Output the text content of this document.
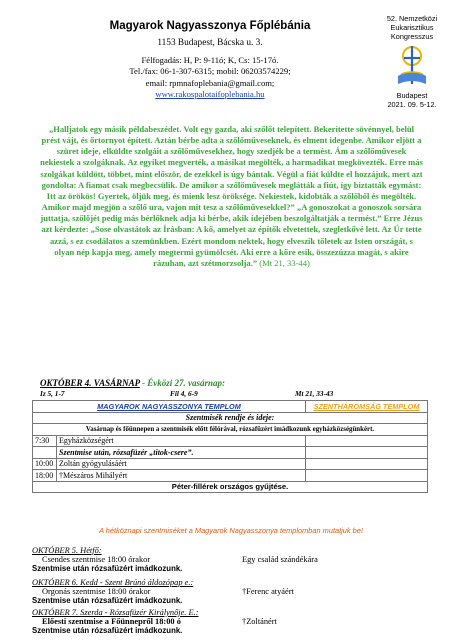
Magyarok Nagyasszonya Főplébánia

1153 Budapest, Bácska u. 3.

Félfogadás: H, P: 9-11ó; K, Cs: 15-17ó.

Tel./fax: 06-1-307-6315; mobil: 06203574229;

email: rpmnafoplebania@gmail.com;

www.rakospalotaifoplebania.hu

52. Nemzetközi
Eukarisztikus
Kongresszus
Budapest
2021. 09. 5-12.
„Halljatok egy másik példabeszédet. Volt egy gazda, aki szőlőt telepített. Bekerítette sövénnyel, belül prést vájt, és őrtornyot épített. Aztán bérbe adta a szőlőműveseknek, és elment idegenbe. Amikor eljött a szüret ideje, elküldte szolgáit a szőlőművesekhez, hogy szedjék be a termést. Ám a szőlőművesek nekiestek a szolgáknak. Az egyiket megverték, a másikat megölték, a harmadikat megkövezték. Erre más szolgákat küldött, többet, mint először, de ezekkel is úgy bántak. Végül a fiát küldte el hozzájuk, mert azt gondolta: A fiamat csak megbecsülik. De amikor a szőlőművesek meglátták a fiút, így biztatták egymást: Itt az örökös! Gyertek, öljük meg, és mienk lesz öröksége. Nekiestek, kidobták a szőlőből és megölték. Amikor majd megjön a szőlő ura, vajon mit tesz a szőlőművesekkel?” „A gonoszokat a gonoszok sorsára juttatja, szőlőjét pedig más bérlőknek adja ki bérbe, akik idejében beszolgáltatják a termést.” Erre Jézus azt kérdezte: „Sose olvastátok az Írásban: A kő, amelyet az építők elvetettek, szegletkővé lett. Az Úr tette azzá, s ez csodálatos a szemünkben. Ezért mondom nektek, hogy elveszik tőletek az Isten országát, s olyan nép kapja meg, amely megtermi gyümölcsét. Aki erre a kőre esik, összezúzza magát, s akire rázuhan, azt szétmorzsolja.” (Mt 21, 33-44)
OKTÓBER 4. VASÁRNAP - Évközi 27. vasárnap:
Iz 5, 1-7	Fil 4, 6-9	Mt 21, 33-43
MAGYAROK NAGYASSZONYA TEMPLOM		SZENTHÁROMSÁG TEMPLOM
Szentmisék rendje és ideje:		
Vasárnap és főünnepen a szentmisék előtt félórával, rózsafüzért imádkozunk egyházközségünkért.		
7:30	Egyházközségért	
	Szentmise után, rózsafüzér „titok-csere”.	
10:00	Zoltán gyógyulásáért	
18:00	†Mészáros Mihályért	
Péter-fillérek országos gyűjtése.		
A hétköznapi szentmiséket a Magyarok Nagyasszonya templomban mutatjuk be!
OKTÓBER 5. Hétfő:
Csendes szentmise 18:00 órakor	Egy család szándékára
Szentmise után rózsafüzért imádkozunk.
OKTÓBER 6. Kedd - Szent Brúnó áldozópap e.:
Orgonás szentmise 18:00 órakor	†Ferenc atyáért
Szentmise után rózsafüzért imádkozunk.
OKTÓBER 7. Szerda - Rózsafüzér Királynője. E.:
Előesti szentmise a Főünnepről 18:00 ó	†Zoltánért
Szentmise után rózsafüzért imádkozunk.
